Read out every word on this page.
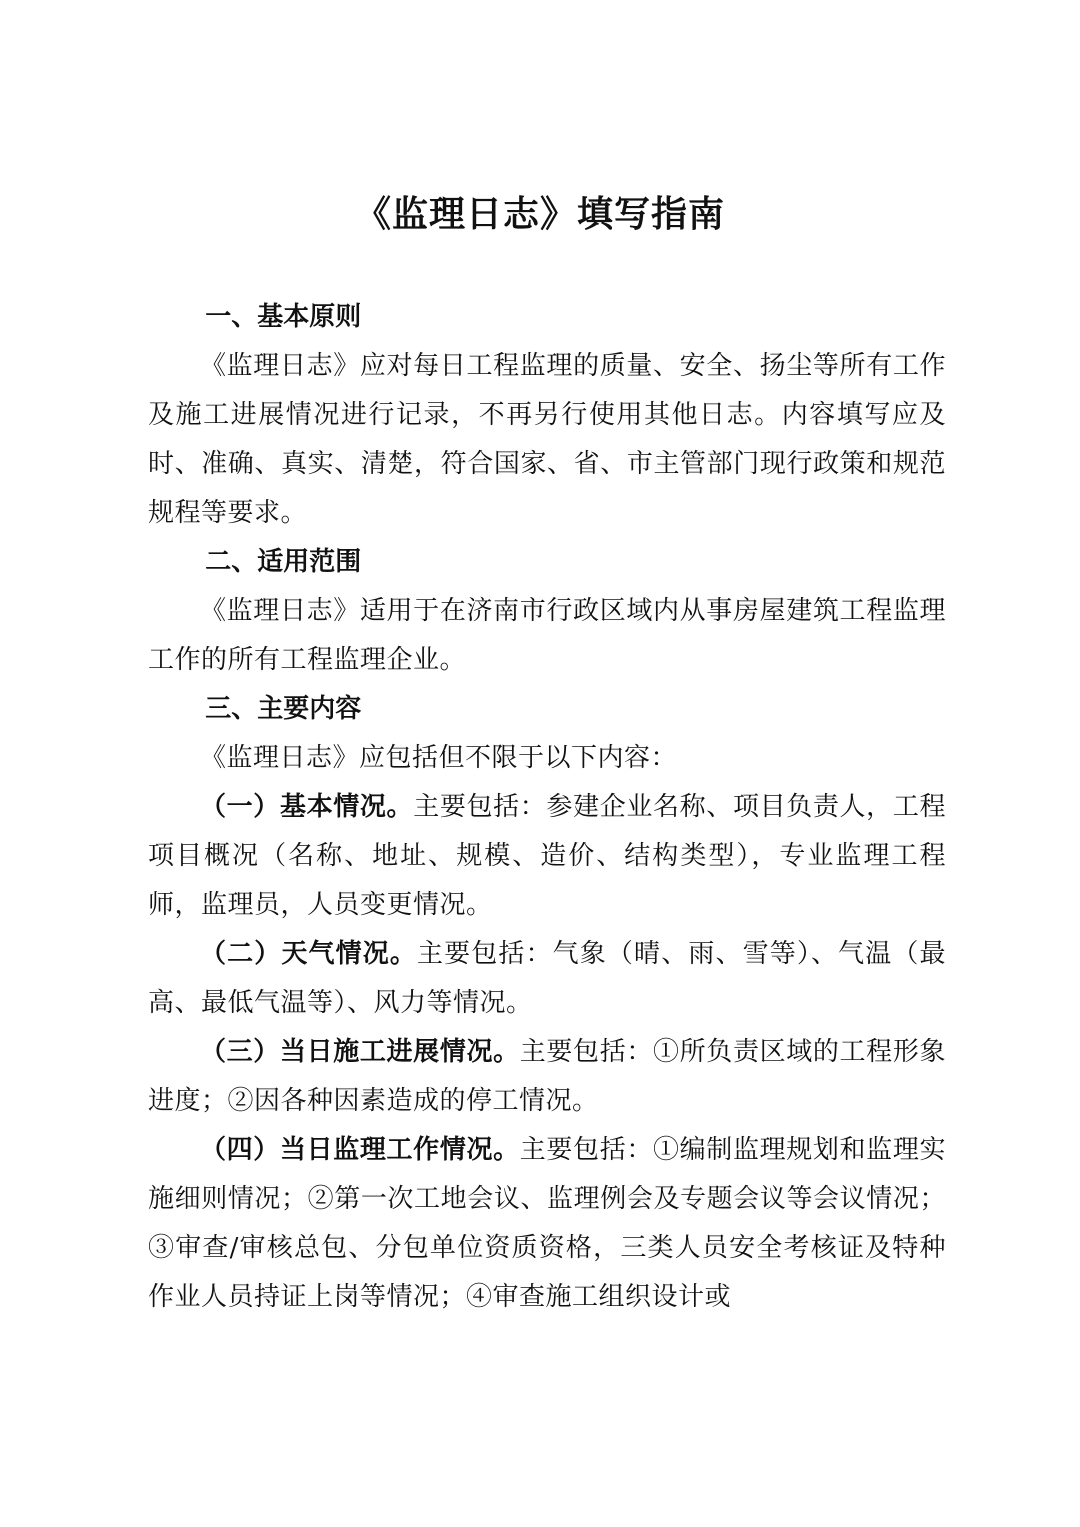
《监理日志》填写指南
一、基本原则

《监理日志》应对每日工程监理的质量、安全、扬尘等所有工作及施工进展情况进行记录，不再另行使用其他日志。内容填写应及时、准确、真实、清楚，符合国家、省、市主管部门现行政策和规范规程等要求。

二、适用范围

《监理日志》适用于在济南市行政区域内从事房屋建筑工程监理工作的所有工程监理企业。

三、主要内容

《监理日志》应包括但不限于以下内容：

（一）基本情况。主要包括：参建企业名称、项目负责人，工程项目概况（名称、地址、规模、造价、结构类型），专业监理工程师，监理员，人员变更情况。

（二）天气情况。主要包括：气象（晴、雨、雪等）、气温（最高、最低气温等）、风力等情况。

（三）当日施工进展情况。主要包括：①所负责区域的工程形象进度；②因各种因素造成的停工情况。

（四）当日监理工作情况。主要包括：①编制监理规划和监理实施细则情况；②第一次工地会议、监理例会及专题会议等会议情况；③审查/审核总包、分包单位资质资格，三类人员安全考核证及特种作业人员持证上岗等情况；④审查施工组织设计或
